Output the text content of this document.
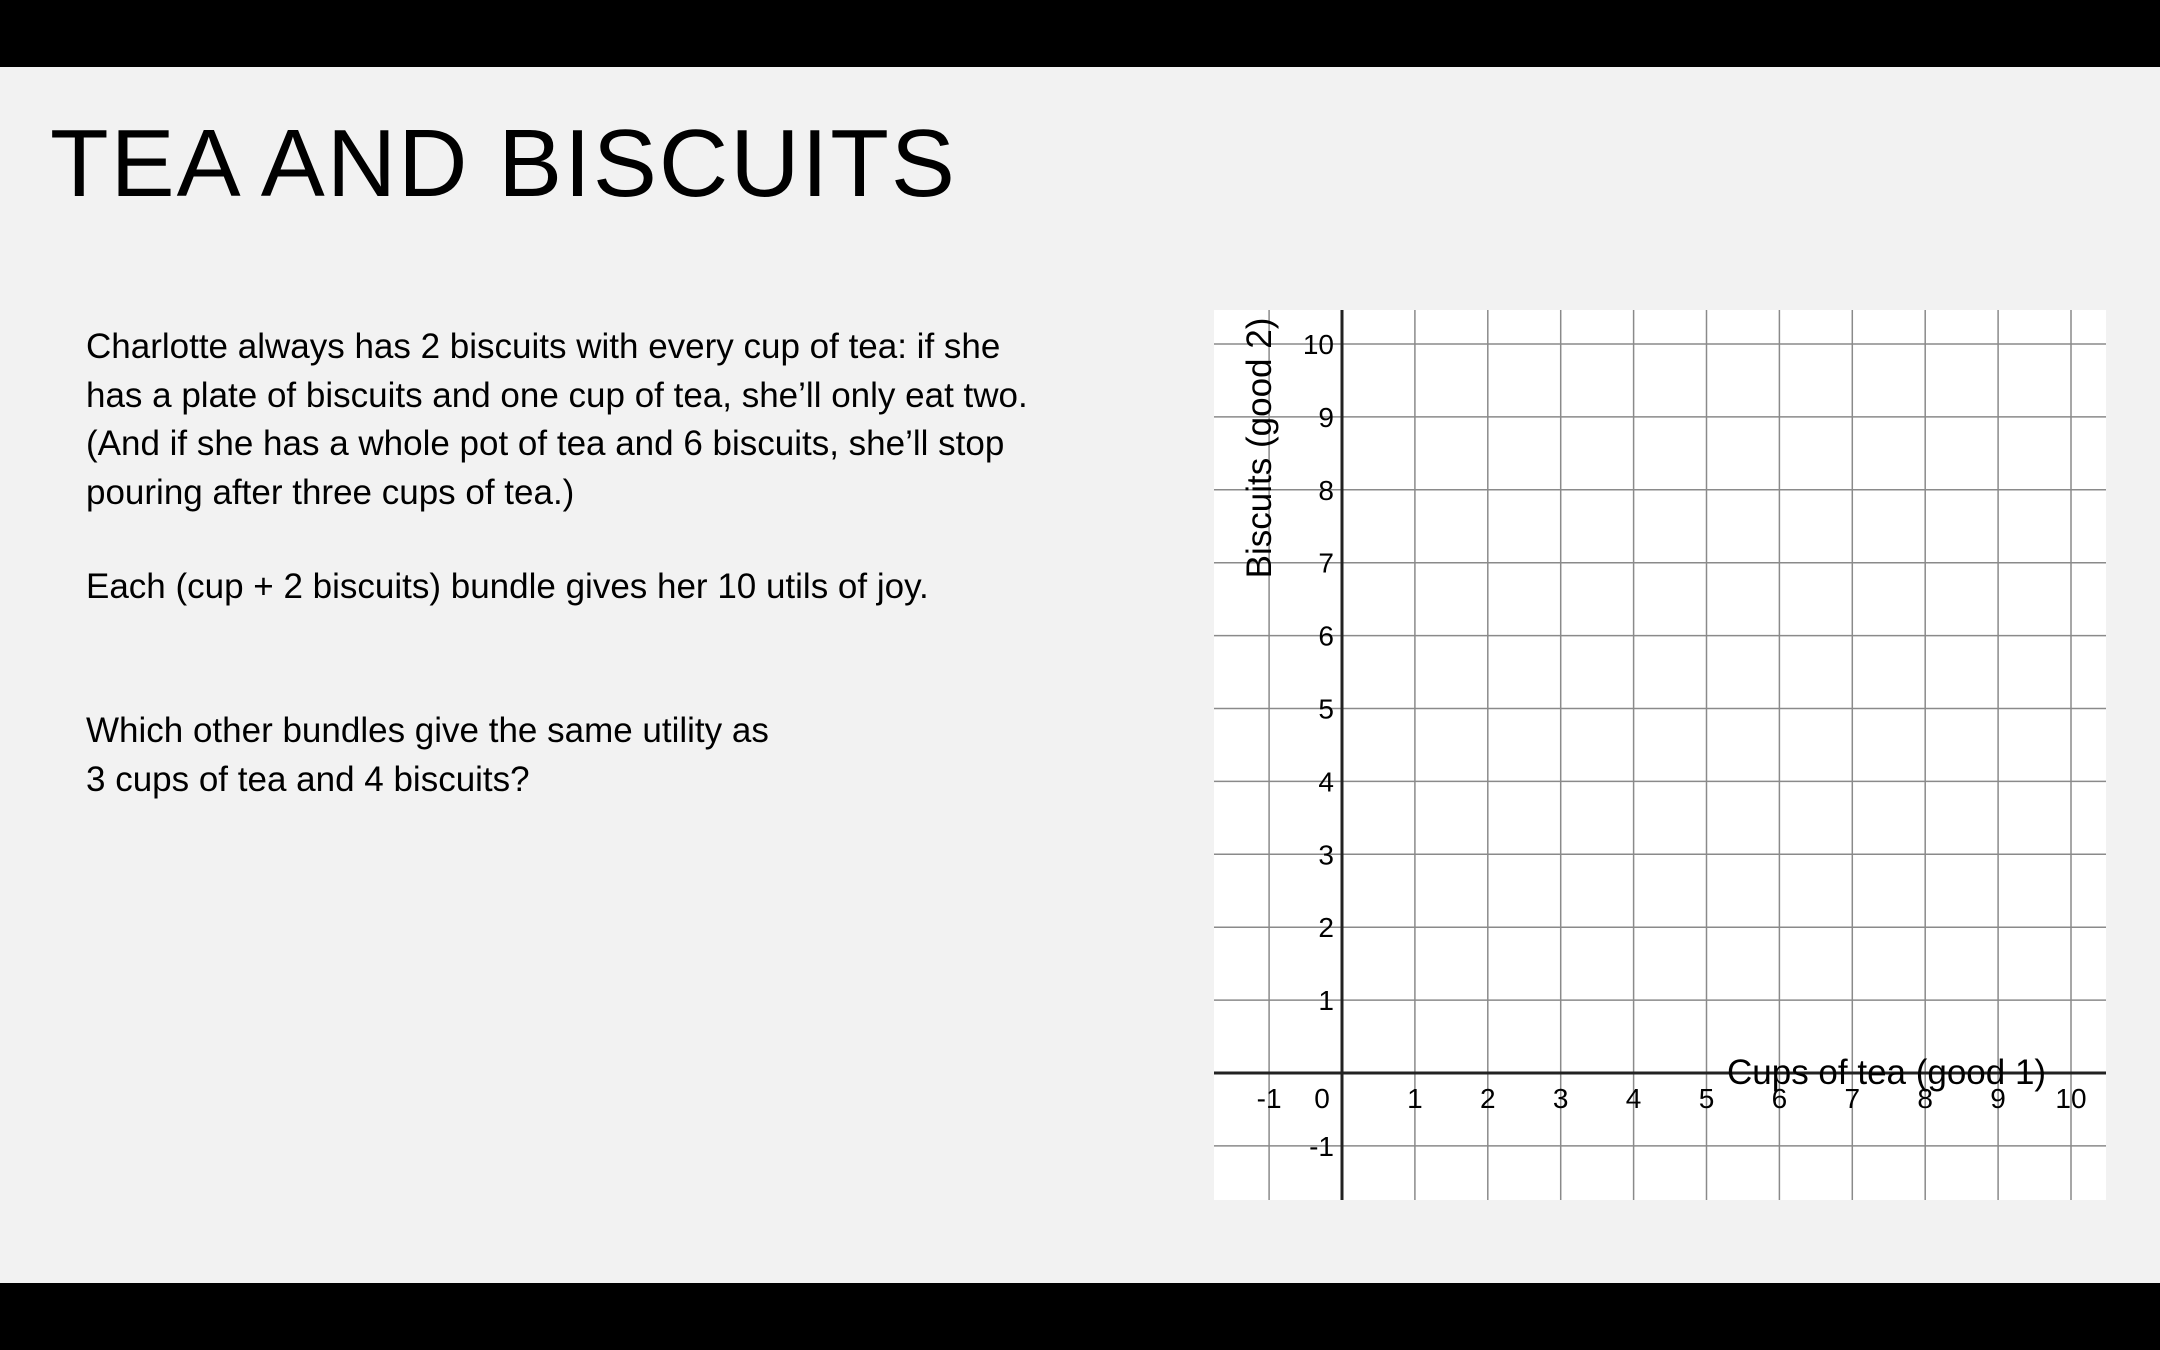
TEA AND BISCUITS

Charlotte always has 2 biscuits with every cup of tea: if she
has a plate of biscuits and one cup of tea, she’ll only eat two.
(And if she has a whole pot of tea and 6 biscuits, she’ll stop
pouring after three cups of tea.)

Each (cup + 2 biscuits) bundle gives her 10 utils of joy.

Which other bundles give the same utility as
3 cups of tea and 4 biscuits?

-1 0	1 2 3 4 5 6 7 8 9 10
10
9
8
7
6
5
4
3
2
1
-1
Cups of tea (good 1)
Biscuits (good 2)
